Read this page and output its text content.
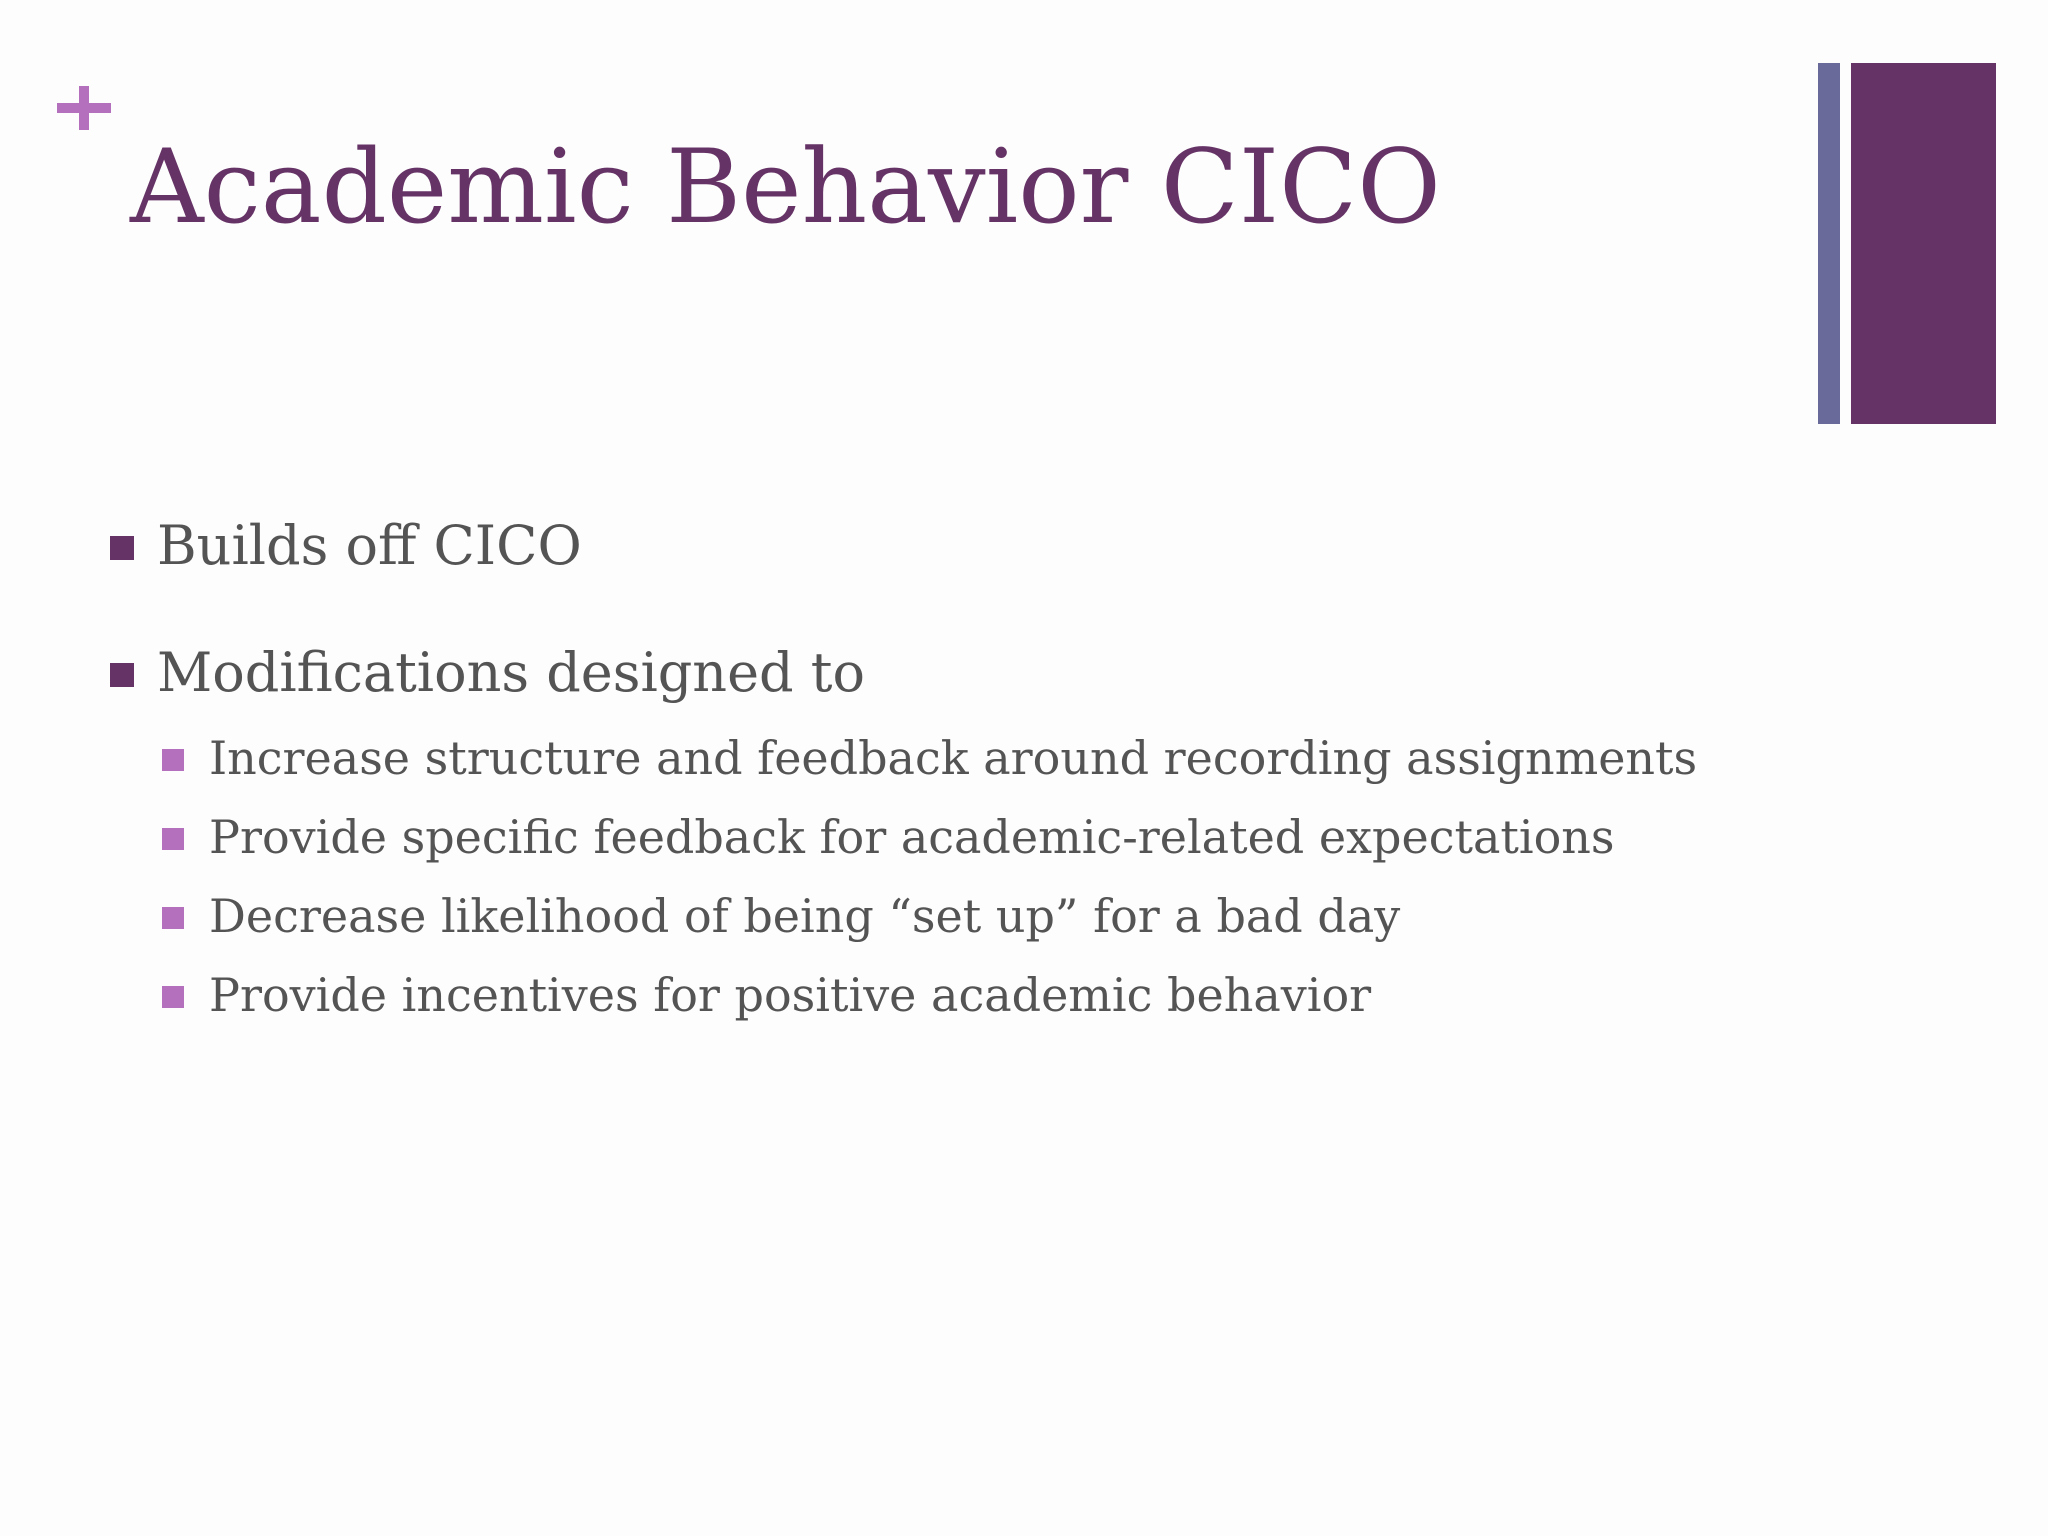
Academic Behavior CICO
Builds off CICO
Modifications designed to
Increase structure and feedback around recording assignments
Provide specific feedback for academic-related expectations
Decrease likelihood of being “set up” for a bad day
Provide incentives for positive academic behavior
